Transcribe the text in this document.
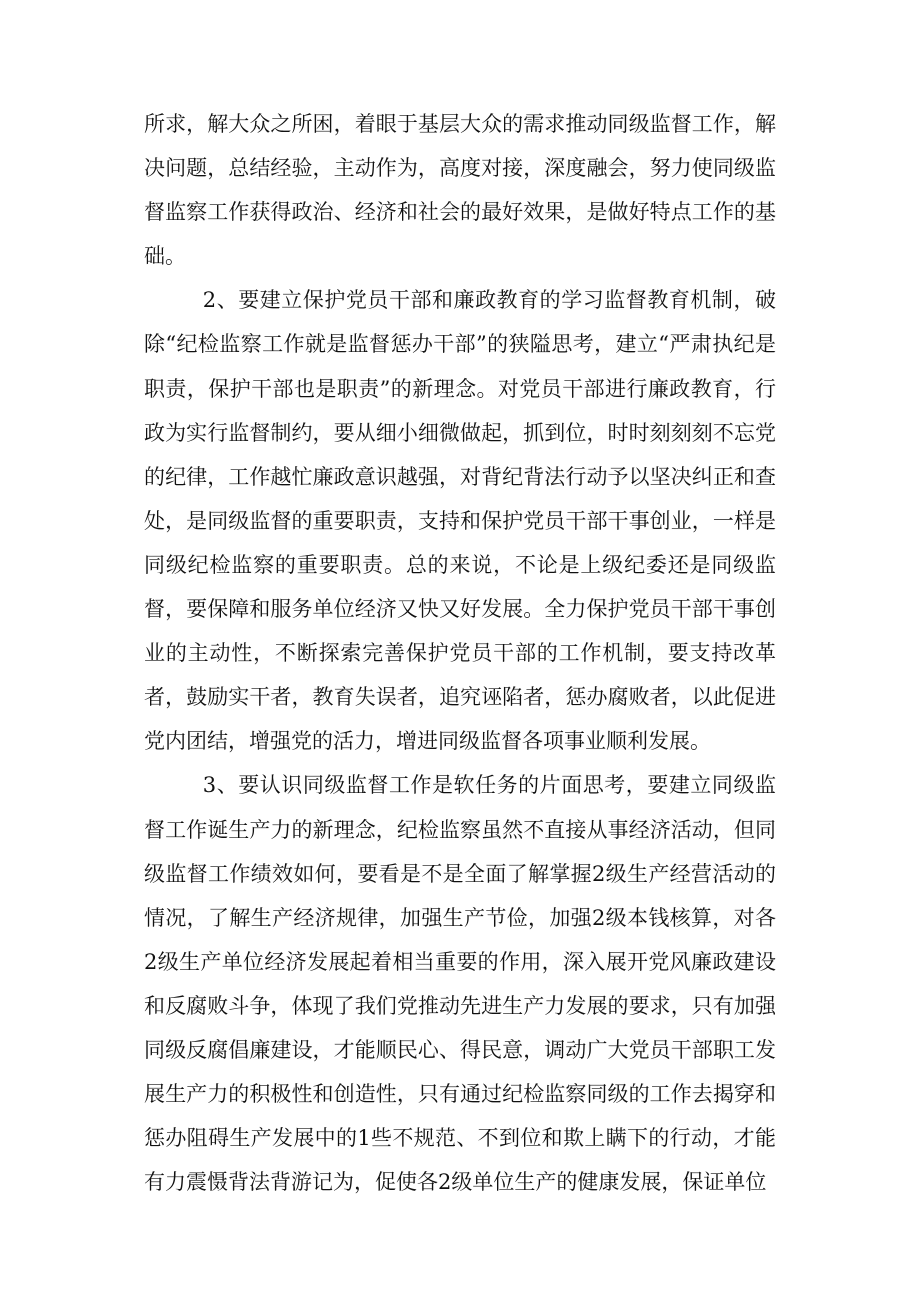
所求，解大众之所困，着眼于基层大众的需求推动同级监督工作，解决问题，总结经验，主动作为，高度对接，深度融会，努力使同级监督监察工作获得政治、经济和社会的最好效果，是做好特点工作的基础。

2、要建立保护党员干部和廉政教育的学习监督教育机制，破除“纪检监察工作就是监督惩办干部”的狭隘思考，建立“严肃执纪是职责，保护干部也是职责”的新理念。对党员干部进行廉政教育，行政为实行监督制约，要从细小细微做起，抓到位，时时刻刻刻不忘党的纪律，工作越忙廉政意识越强，对背纪背法行动予以坚决纠正和查处，是同级监督的重要职责，支持和保护党员干部干事创业，一样是同级纪检监察的重要职责。总的来说，不论是上级纪委还是同级监督，要保障和服务单位经济又快又好发展。全力保护党员干部干事创业的主动性，不断探索完善保护党员干部的工作机制，要支持改革者，鼓励实干者，教育失误者，追究诬陷者，惩办腐败者，以此促进党内团结，增强党的活力，增进同级监督各项事业顺利发展。

3、要认识同级监督工作是软任务的片面思考，要建立同级监督工作诞生产力的新理念，纪检监察虽然不直接从事经济活动，但同级监督工作绩效如何，要看是不是全面了解掌握2级生产经营活动的情况，了解生产经济规律，加强生产节俭，加强2级本钱核算，对各2级生产单位经济发展起着相当重要的作用，深入展开党风廉政建设和反腐败斗争，体现了我们党推动先进生产力发展的要求，只有加强同级反腐倡廉建设，才能顺民心、得民意，调动广大党员干部职工发展生产力的积极性和创造性，只有通过纪检监察同级的工作去揭穿和惩办阻碍生产发展中的1些不规范、不到位和欺上瞒下的行动，才能有力震慑背法背游记为，促使各2级单位生产的健康发展，保证单位
